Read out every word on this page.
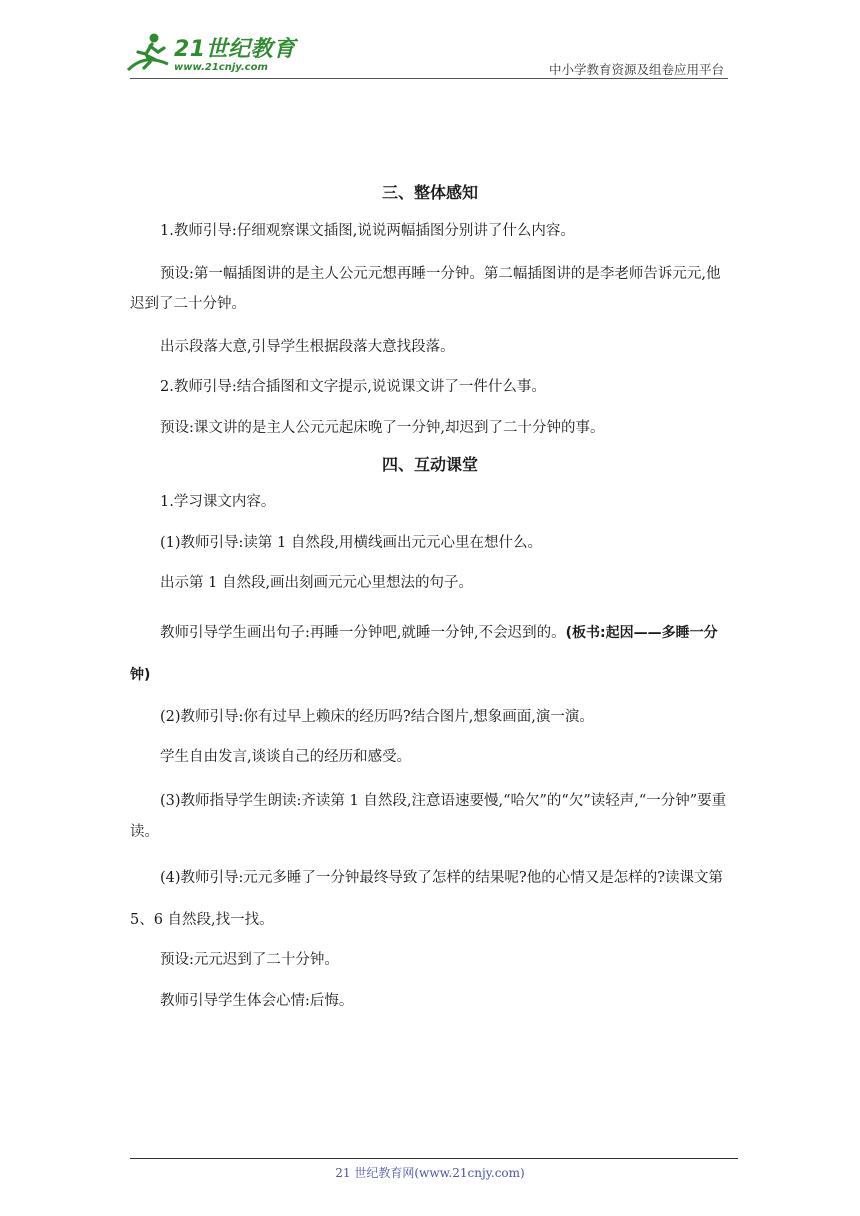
21世纪教育
www.21cnjy.com	中小学教育资源及组卷应用平台
三、整体感知

1.教师引导:仔细观察课文插图,说说两幅插图分别讲了什么内容。

预设:第一幅插图讲的是主人公元元想再睡一分钟。第二幅插图讲的是李老师告诉元元,他迟到了二十分钟。

出示段落大意,引导学生根据段落大意找段落。

2.教师引导:结合插图和文字提示,说说课文讲了一件什么事。

预设:课文讲的是主人公元元起床晚了一分钟,却迟到了二十分钟的事。

四、互动课堂

1.学习课文内容。

(1)教师引导:读第 1 自然段,用横线画出元元心里在想什么。

出示第 1 自然段,画出刻画元元心里想法的句子。

教师引导学生画出句子:再睡一分钟吧,就睡一分钟,不会迟到的。(板书:起因——多睡一分钟)

(2)教师引导:你有过早上赖床的经历吗?结合图片,想象画面,演一演。

学生自由发言,谈谈自己的经历和感受。

(3)教师指导学生朗读:齐读第 1 自然段,注意语速要慢,“哈欠”的“欠”读轻声,“一分钟”要重读。

(4)教师引导:元元多睡了一分钟最终导致了怎样的结果呢?他的心情又是怎样的?读课文第 5、6 自然段,找一找。

预设:元元迟到了二十分钟。

教师引导学生体会心情:后悔。

21 世纪教育网(www.21cnjy.com)
